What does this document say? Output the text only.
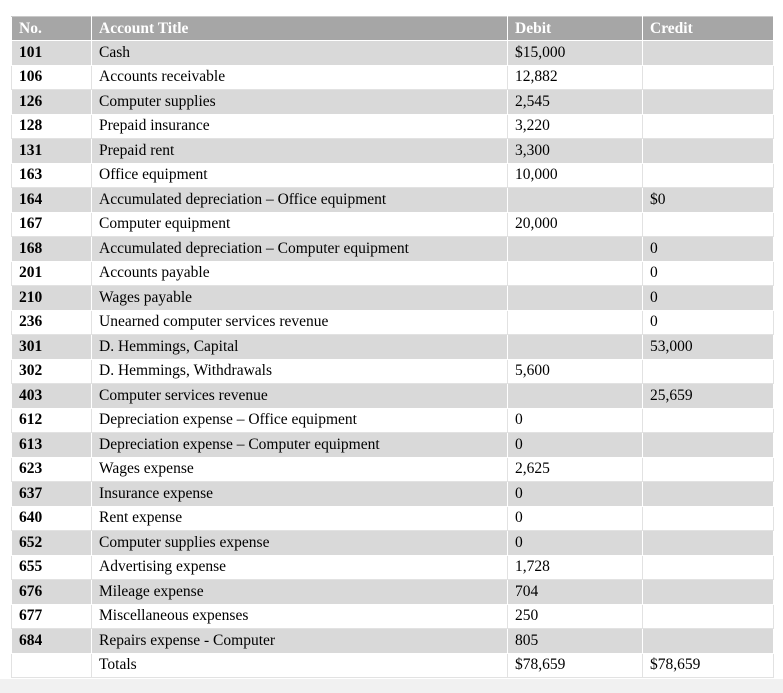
No.	Account Title	Debit	Credit
101	Cash	$15,000	
106	Accounts receivable	12,882	
126	Computer supplies	2,545	
128	Prepaid insurance	3,220	
131	Prepaid rent	3,300	
163	Office equipment	10,000	
164	Accumulated depreciation – Office equipment		$0
167	Computer equipment	20,000	
168	Accumulated depreciation – Computer equipment		0
201	Accounts payable		0
210	Wages payable		0
236	Unearned computer services revenue		0
301	D. Hemmings, Capital		53,000
302	D. Hemmings, Withdrawals	5,600	
403	Computer services revenue		25,659
612	Depreciation expense – Office equipment	0	
613	Depreciation expense – Computer equipment	0	
623	Wages expense	2,625	
637	Insurance expense	0	
640	Rent expense	0	
652	Computer supplies expense	0	
655	Advertising expense	1,728	
676	Mileage expense	704	
677	Miscellaneous expenses	250	
684	Repairs expense - Computer	805	
	Totals	$78,659	$78,659
